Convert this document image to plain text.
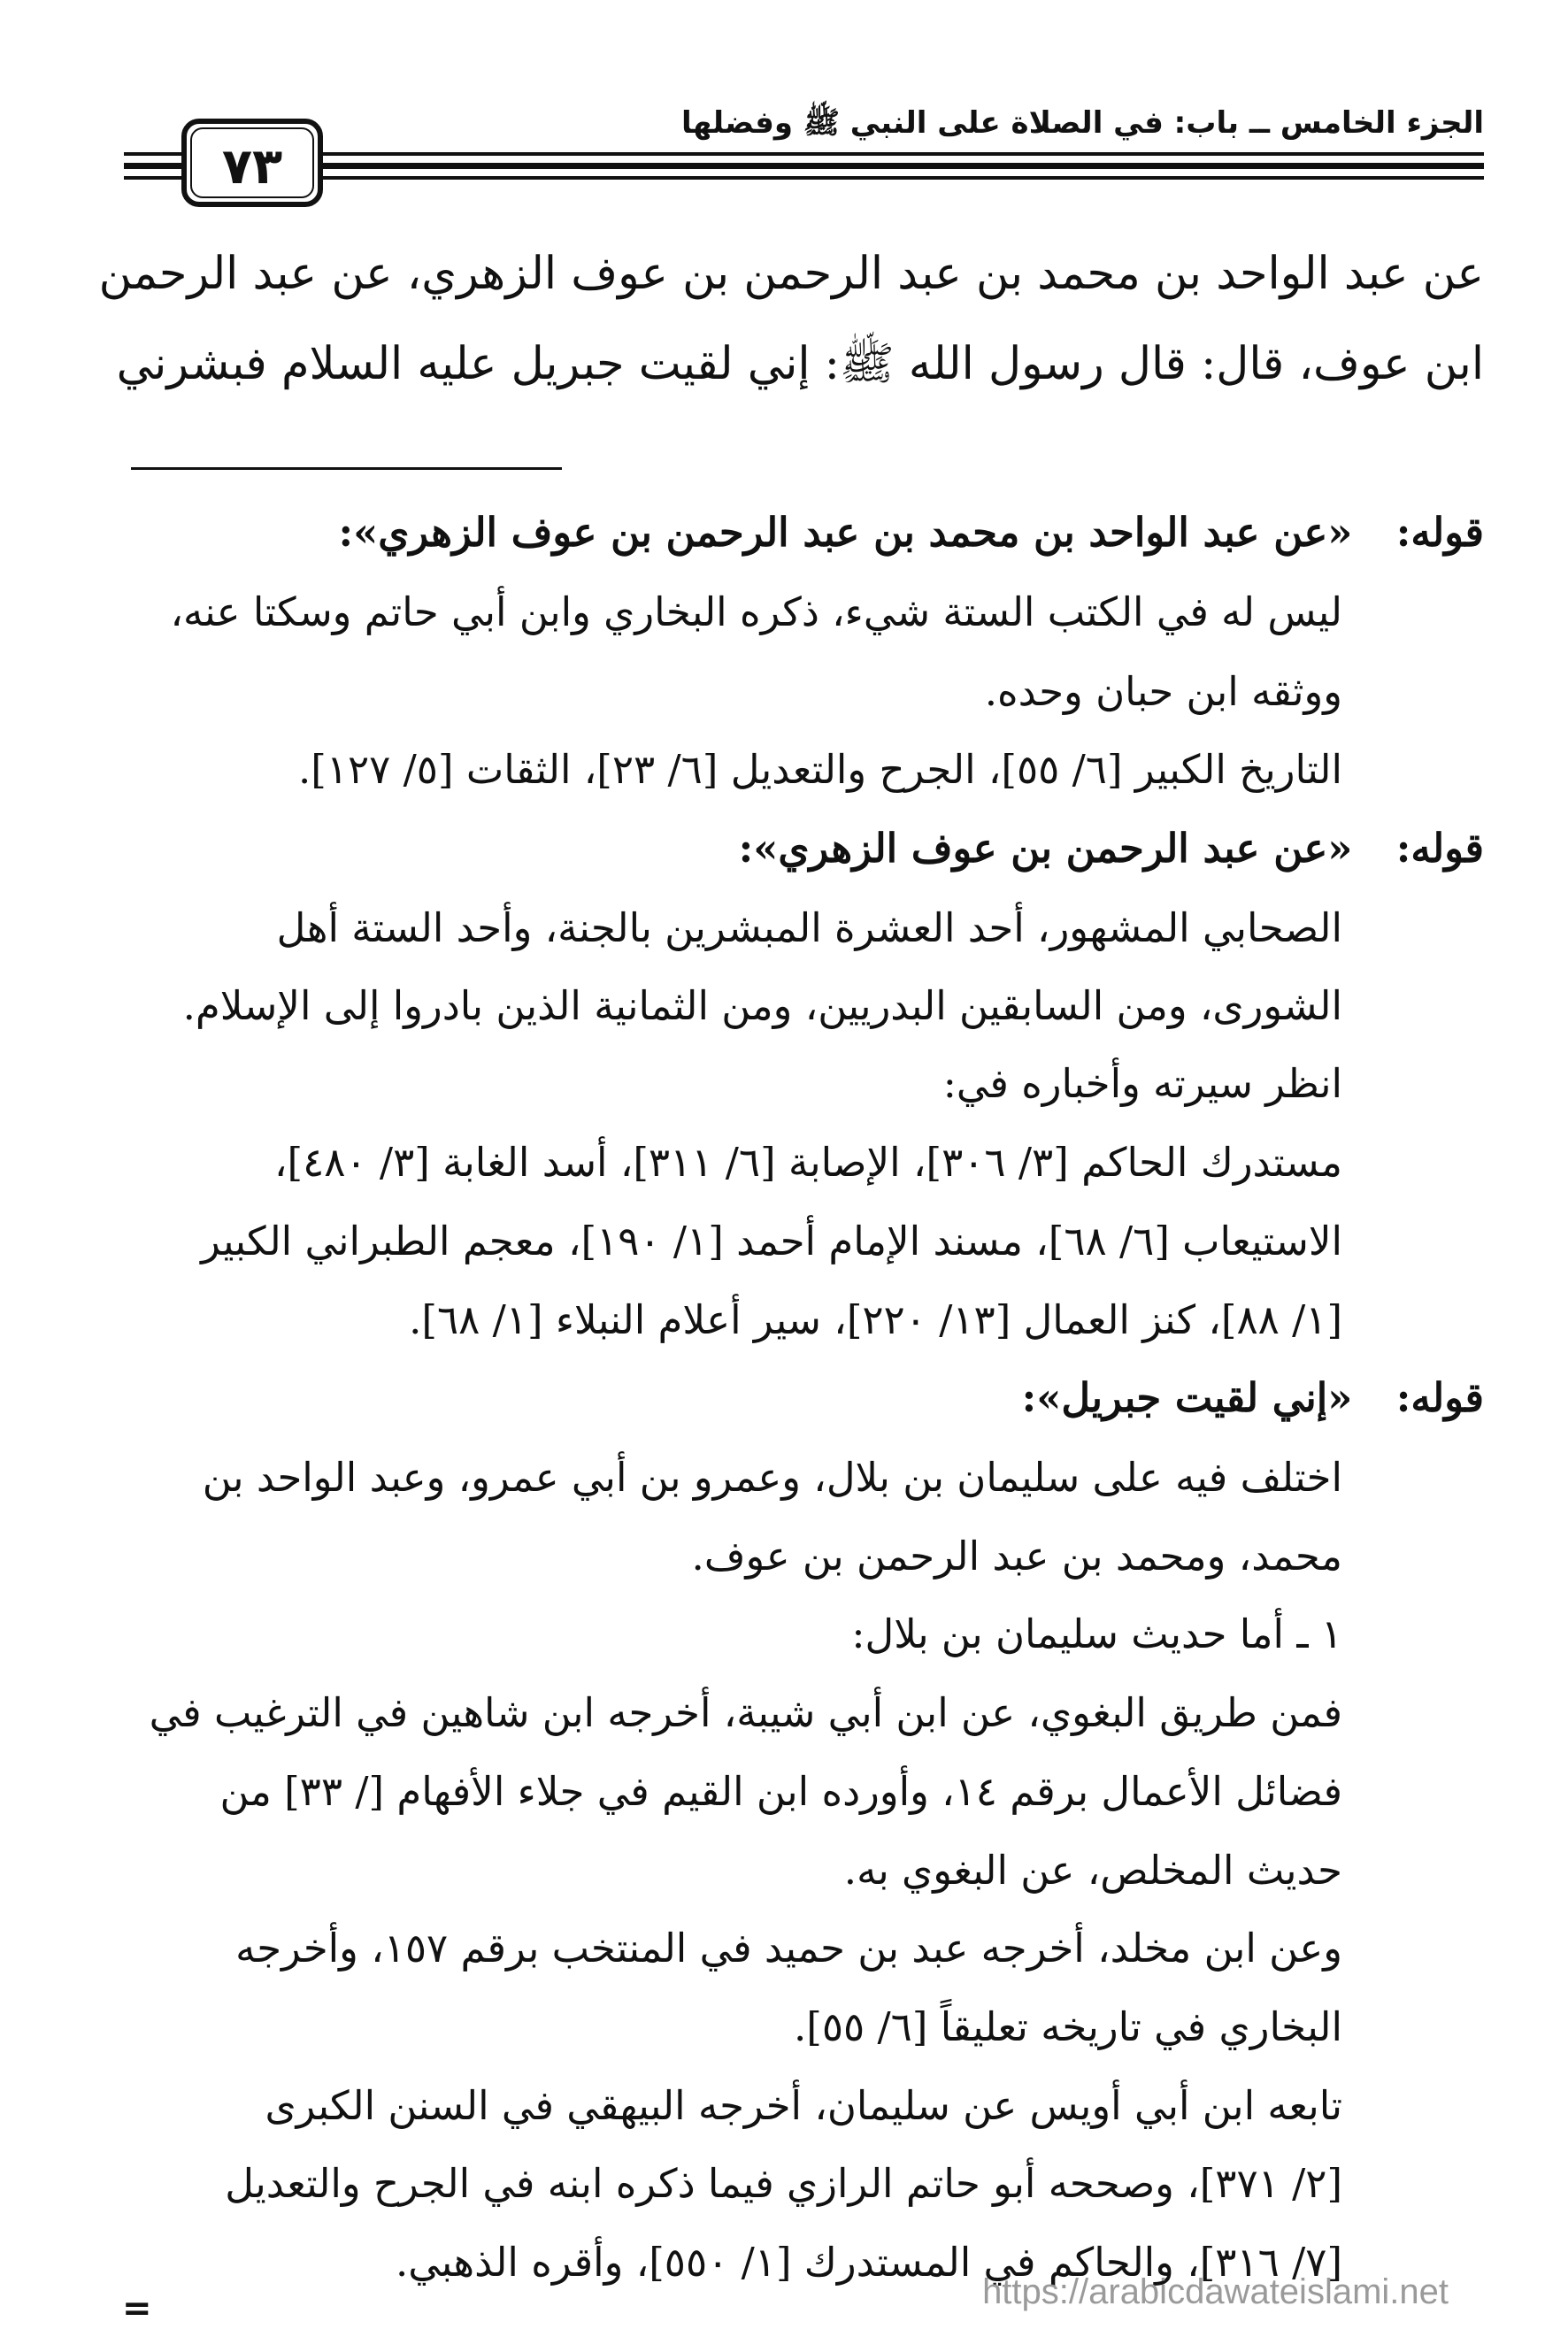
الجزء الخامس ــ باب: في الصلاة على النبي ﷺ وفضلها
٧٣
عن عبد الواحد بن محمد بن عبد الرحمن بن عوف الزهري، عن عبد الرحمن
ابن عوف، قال: قال رسول الله ﷺ: إني لقيت جبريل عليه السلام فبشرني
قوله:  «عن عبد الواحد بن محمد بن عبد الرحمن بن عوف الزهري»:
ليس له في الكتب الستة شيء، ذكره البخاري وابن أبي حاتم وسكتا عنه،
ووثقه ابن حبان وحده.
التاريخ الكبير [٦/ ٥٥]، الجرح والتعديل [٦/ ٢٣]، الثقات [٥/ ١٢٧].
قوله:  «عن عبد الرحمن بن عوف الزهري»:
الصحابي المشهور، أحد العشرة المبشرين بالجنة، وأحد الستة أهل
الشورى، ومن السابقين البدريين، ومن الثمانية الذين بادروا إلى الإسلام.
انظر سيرته وأخباره في:
مستدرك الحاكم [٣/ ٣٠٦]، الإصابة [٦/ ٣١١]، أسد الغابة [٣/ ٤٨٠]،
الاستيعاب [٦/ ٦٨]، مسند الإمام أحمد [١/ ١٩٠]، معجم الطبراني الكبير
[١/ ٨٨]، كنز العمال [١٣/ ٢٢٠]، سير أعلام النبلاء [١/ ٦٨].
قوله:  «إني لقيت جبريل»:
اختلف فيه على سليمان بن بلال، وعمرو بن أبي عمرو، وعبد الواحد بن
محمد، ومحمد بن عبد الرحمن بن عوف.
١ ـ أما حديث سليمان بن بلال:
فمن طريق البغوي، عن ابن أبي شيبة، أخرجه ابن شاهين في الترغيب في
فضائل الأعمال برقم ١٤، وأورده ابن القيم في جلاء الأفهام [/ ٣٣] من
حديث المخلص، عن البغوي به.
وعن ابن مخلد، أخرجه عبد بن حميد في المنتخب برقم ١٥٧، وأخرجه
البخاري في تاريخه تعليقاً [٦/ ٥٥].
تابعه ابن أبي أويس عن سليمان، أخرجه البيهقي في السنن الكبرى
[٢/ ٣٧١]، وصححه أبو حاتم الرازي فيما ذكره ابنه في الجرح والتعديل
[٧/ ٣١٦]، والحاكم في المستدرك [١/ ٥٥٠]، وأقره الذهبي.
=	https://arabicdawateislami.net
